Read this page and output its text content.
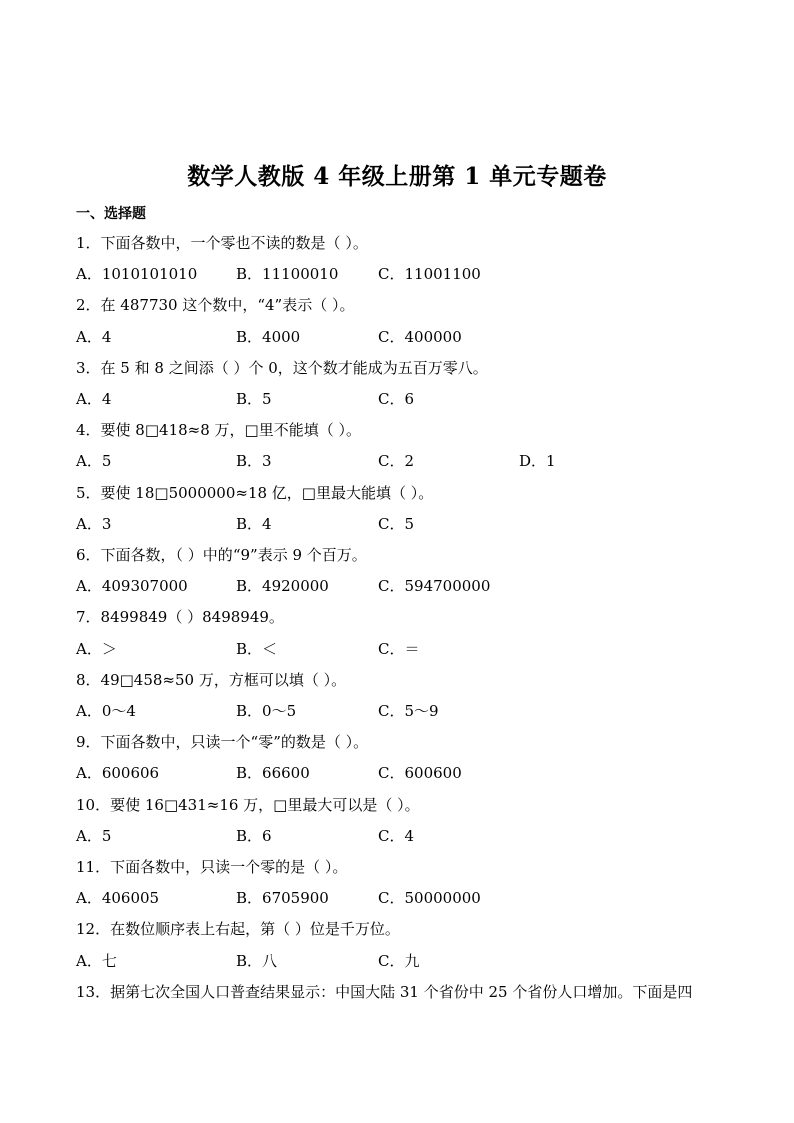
数学人教版 4 年级上册第 1 单元专题卷
一、选择题
1．下面各数中，一个零也不读的数是（ ）。
A．1010101010	B．11100010	C．11001100
2．在 487730 这个数中，“4”表示（ ）。
A．4	B．4000	C．400000
3．在 5 和 8 之间添（ ）个 0，这个数才能成为五百万零八。
A．4	B．5	C．6
4．要使 8□418≈8 万，□里不能填（ ）。
A．5	B．3	C．2	D．1
5．要使 18□5000000≈18 亿，□里最大能填（ ）。
A．3	B．4	C．5
6．下面各数，（ ）中的“9”表示 9 个百万。
A．409307000	B．4920000	C．594700000
7．8499849（ ）8498949。
A．＞	B．＜	C．＝
8．49□458≈50 万，方框可以填（ ）。
A．0～4	B．0～5	C．5～9
9．下面各数中，只读一个“零”的数是（ ）。
A．600606	B．66600	C．600600
10．要使 16□431≈16 万，□里最大可以是（ ）。
A．5	B．6	C．4
11．下面各数中，只读一个零的是（ ）。
A．406005	B．6705900	C．50000000
12．在数位顺序表上右起，第（ ）位是千万位。
A．七	B．八	C．九
13．据第七次全国人口普查结果显示：中国大陆 31 个省份中 25 个省份人口增加。下面是四
